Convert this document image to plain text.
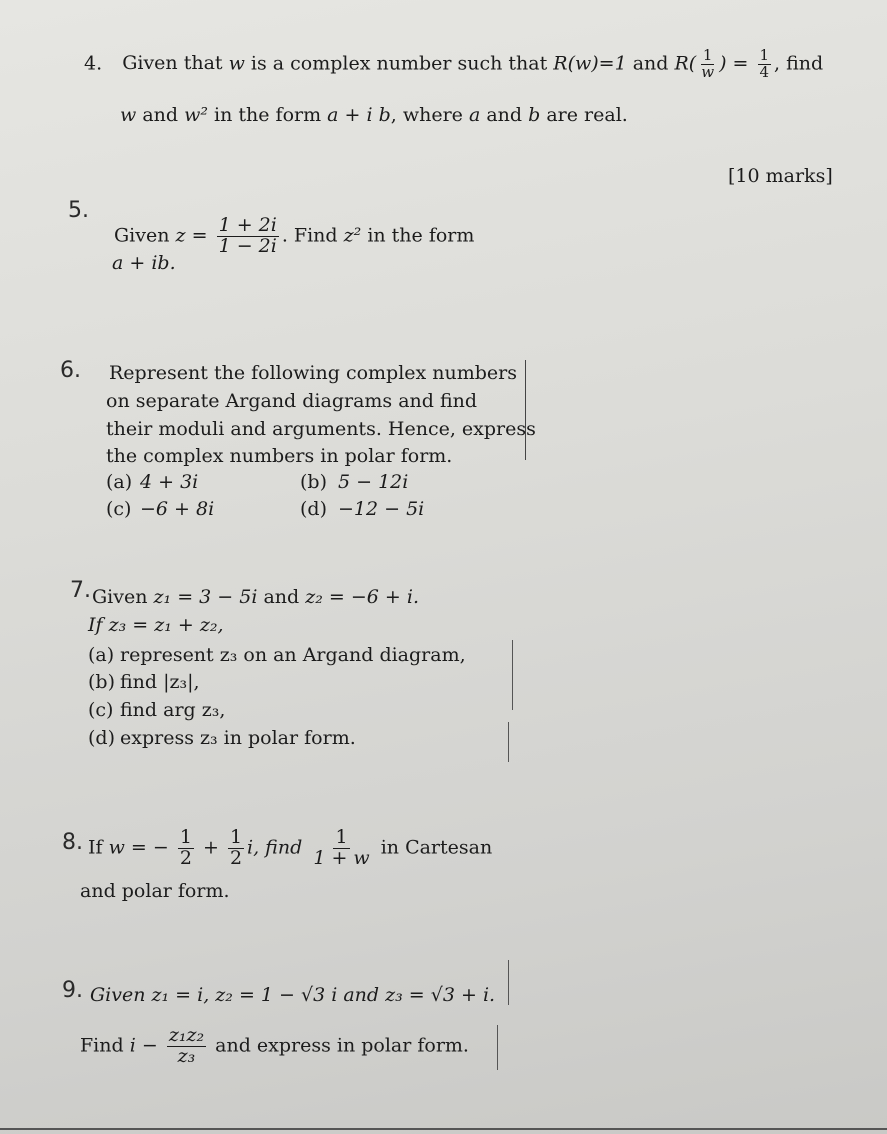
4. Given that w is a complex number such that R(w)=1 and $R( \frac{1}{w}$ ) = $\frac{1}{4}$ , find
w and w² in the form a + i b, where a and b are real.
[10 marks]
5.
Given $z = \frac{1 + 2i}{1 - 2i}$ . Find z² in the form
a + ib.
6. Represent the following complex numbers
on separate Argand diagrams and find
their moduli and arguments. Hence, express
the complex numbers in polar form.
(a) 4 + 3i	(b) 5 − 12i
(c) −6 + 8i	(d) −12 − 5i
7. Given z₁ = 3 − 5i and z₂ = −6 + i.
If z₃ = z₁ + z₂,
(a) represent z₃ on an Argand diagram,
(b) find |z₃|,
(c) find arg z₃,
(d) express z₃ in polar form.
8. If w = − $\frac{1}{2} + \frac{1}{2} i$, find $\frac{1}{1 + w}$ in Cartesan
and polar form.
9. Given z₁ = i, z₂ = 1 − √3 i and z₃ = √3 + i.
Find $i - \frac{\text{z₁z₂}}{\text{z₃}}$ and express in polar form.
